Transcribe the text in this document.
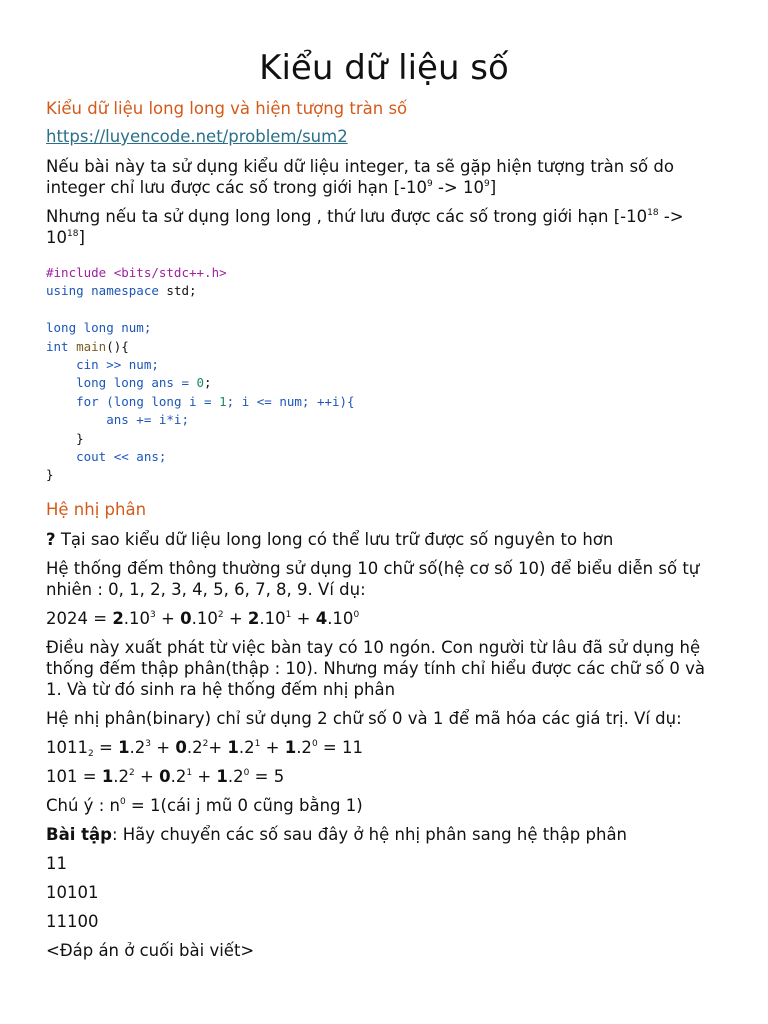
Kiểu dữ liệu số
Kiểu dữ liệu long long và hiện tượng tràn số
https://luyencode.net/problem/sum2

Nếu bài này ta sử dụng kiểu dữ liệu integer, ta sẽ gặp hiện tượng tràn số do integer chỉ lưu được các số trong giới hạn $[-10^9 -> 10^9]$

Nhưng nếu ta sử dụng long long , thứ lưu được các số trong giới hạn $[-10^{18} -> 10^{18}]$

#include <bits/stdc++.h>
using namespace std;

long long num;
int main(){
cin >> num;
long long ans = 0;
for (long long i = 1; i <= num; ++i){
ans += i*i;
}
cout << ans;
}
Hệ nhị phân

? Tại sao kiểu dữ liệu long long có thể lưu trữ được số nguyên to hơn

Hệ thống đếm thông thường sử dụng 10 chữ số(hệ cơ số 10) để biểu diễn số tự nhiên : 0, 1, 2, 3, 4, 5, 6, 7, 8, 9. Ví dụ:

$2024 = 2.10^3 + 0.10^2 + 2.10^1 + 4.10^0$

Điều này xuất phát từ việc bàn tay có 10 ngón. Con người từ lâu đã sử dụng hệ thống đếm thập phân(thập : 10). Nhưng máy tính chỉ hiểu được các chữ số 0 và 1. Và từ đó sinh ra hệ thống đếm nhị phân

Hệ nhị phân(binary) chỉ sử dụng 2 chữ số 0 và 1 để mã hóa các giá trị. Ví dụ:

$1011_2 = 1.2^3 + 0.2^2+ 1.2^1 + 1.2^0 = 11$

$101 = 1.2^2 + 0.2^1 + 1.2^0 = 5$

Chú ý : $n^0$ = 1(cái j mũ 0 cũng bằng 1)

Bài tập: Hãy chuyển các số sau đây ở hệ nhị phân sang hệ thập phân

11

10101

11100

<Đáp án ở cuối bài viết>
